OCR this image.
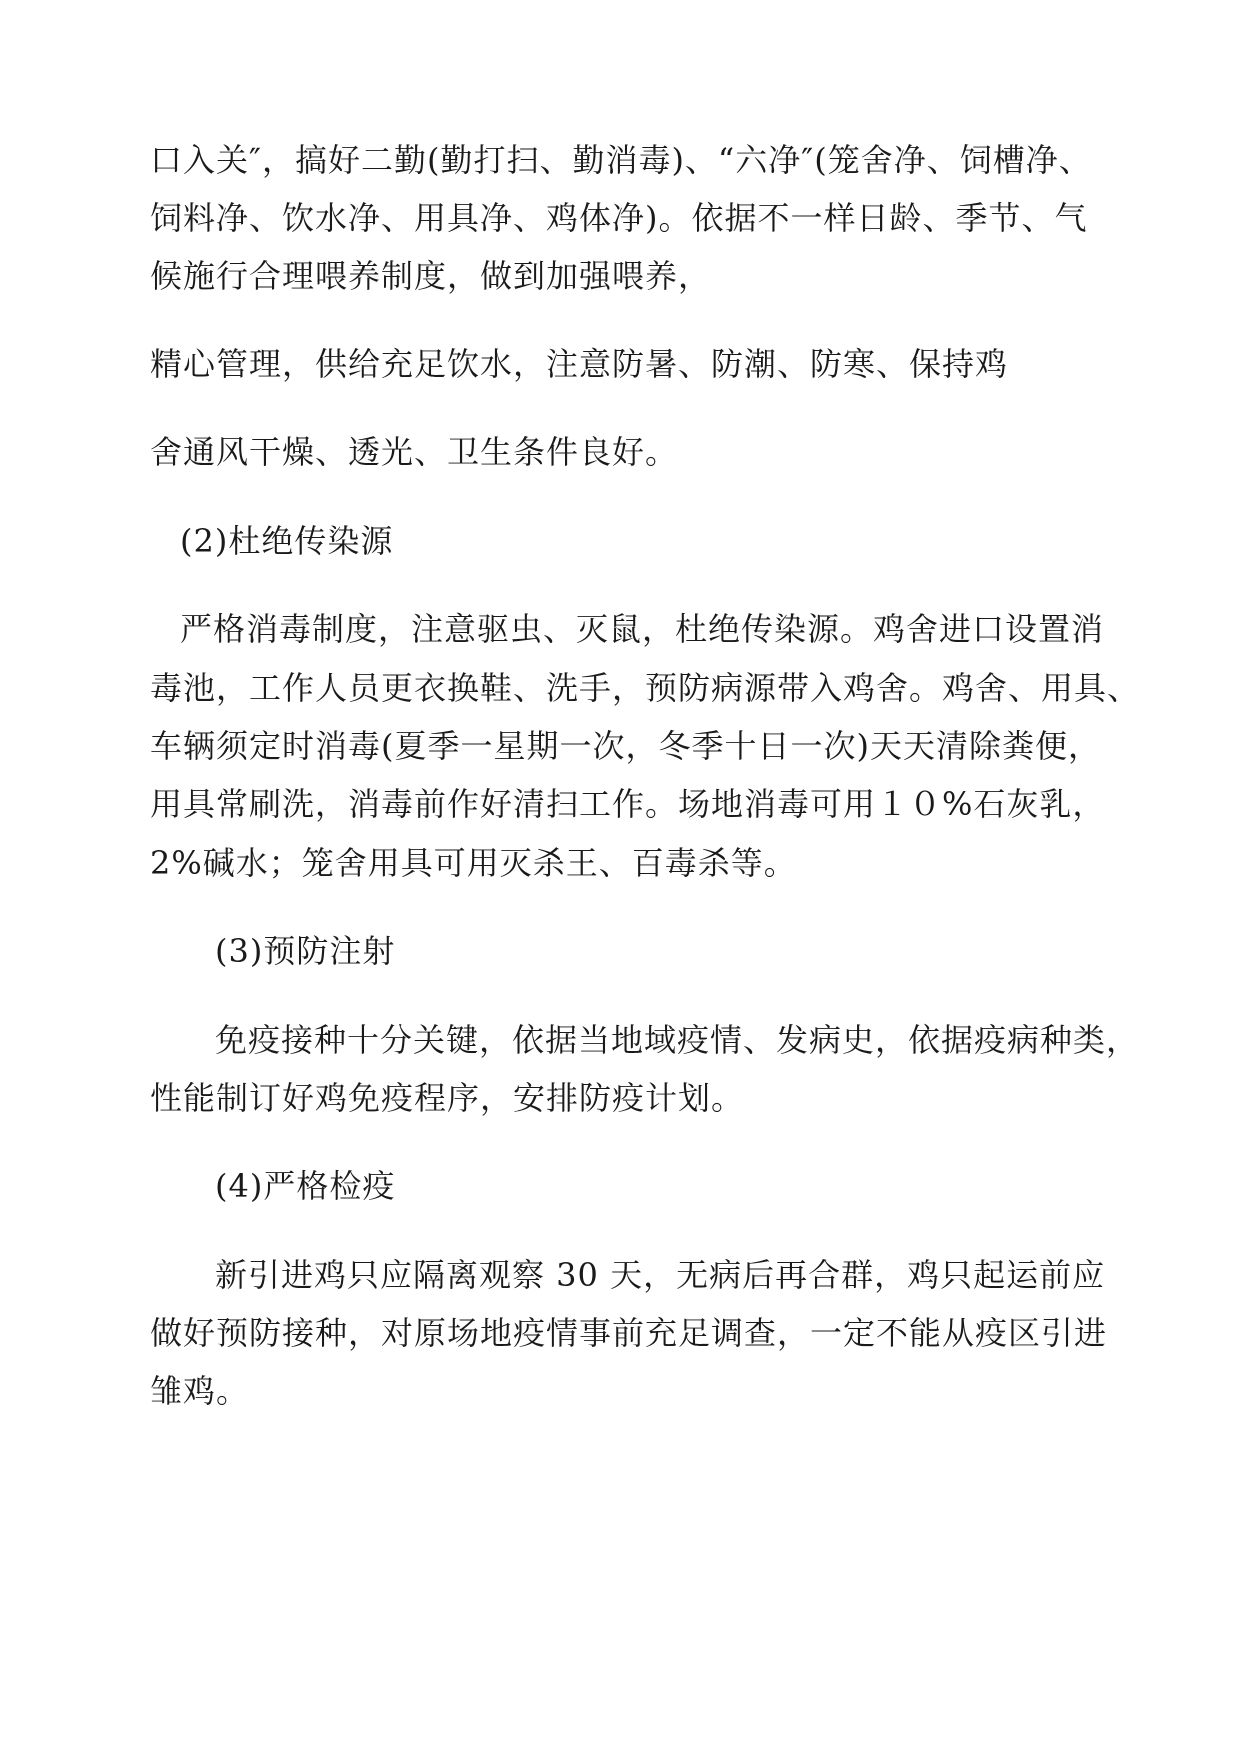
口入关″，搞好二勤(勤打扫、勤消毒)、“六净″(笼舍净、饲槽净、

饲料净、饮水净、用具净、鸡体净)。依据不一样日龄、季节、气

候施行合理喂养制度，做到加强喂养，

精心管理，供给充足饮水，注意防暑、防潮、防寒、保持鸡

舍通风干燥、透光、卫生条件良好。

(2)杜绝传染源

严格消毒制度，注意驱虫、灭鼠，杜绝传染源。鸡舍进口设置消

毒池，工作人员更衣换鞋、洗手，预防病源带入鸡舍。鸡舍、用具、

车辆须定时消毒(夏季一星期一次，冬季十日一次)天天清除粪便，

用具常刷洗，消毒前作好清扫工作。场地消毒可用１０%石灰乳，

2%碱水；笼舍用具可用灭杀王、百毒杀等。

(3)预防注射

免疫接种十分关键，依据当地域疫情、发病史，依据疫病种类，

性能制订好鸡免疫程序，安排防疫计划。

(4)严格检疫

新引进鸡只应隔离观察 30 天，无病后再合群，鸡只起运前应

做好预防接种，对原场地疫情事前充足调查，一定不能从疫区引进

雏鸡。
